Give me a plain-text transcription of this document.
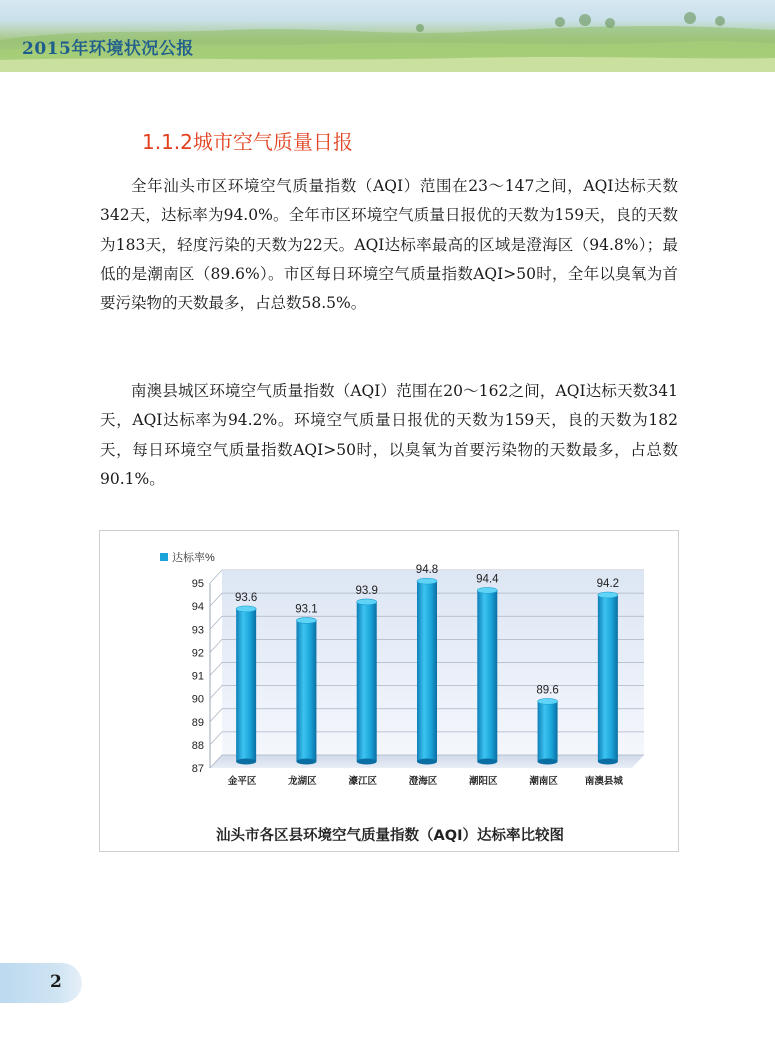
2015年环境状况公报
1.1.2城市空气质量日报

全年汕头市区环境空气质量指数（AQI）范围在23～147之间，AQI达标天数342天，达标率为94.0%。全年市区环境空气质量日报优的天数为159天，良的天数为183天，轻度污染的天数为22天。AQI达标率最高的区域是澄海区（94.8%）；最低的是潮南区（89.6%）。市区每日环境空气质量指数AQI>50时，全年以臭氧为首要污染物的天数最多，占总数58.5%。

南澳县城区环境空气质量指数（AQI）范围在20～162之间，AQI达标天数341天，AQI达标率为94.2%。环境空气质量日报优的天数为159天，良的天数为182天，每日环境空气质量指数AQI>50时，以臭氧为首要污染物的天数最多，占总数90.1%。

达标率%
87
88
89
90
91
92
93
94
95
93.6
93.1
93.9
94.8
94.4
89.6
94.2
金平区	龙湖区	濠江区	澄海区	潮阳区	潮南区	南澳县城
汕头市各区县环境空气质量指数（AQI）达标率比较图
2
